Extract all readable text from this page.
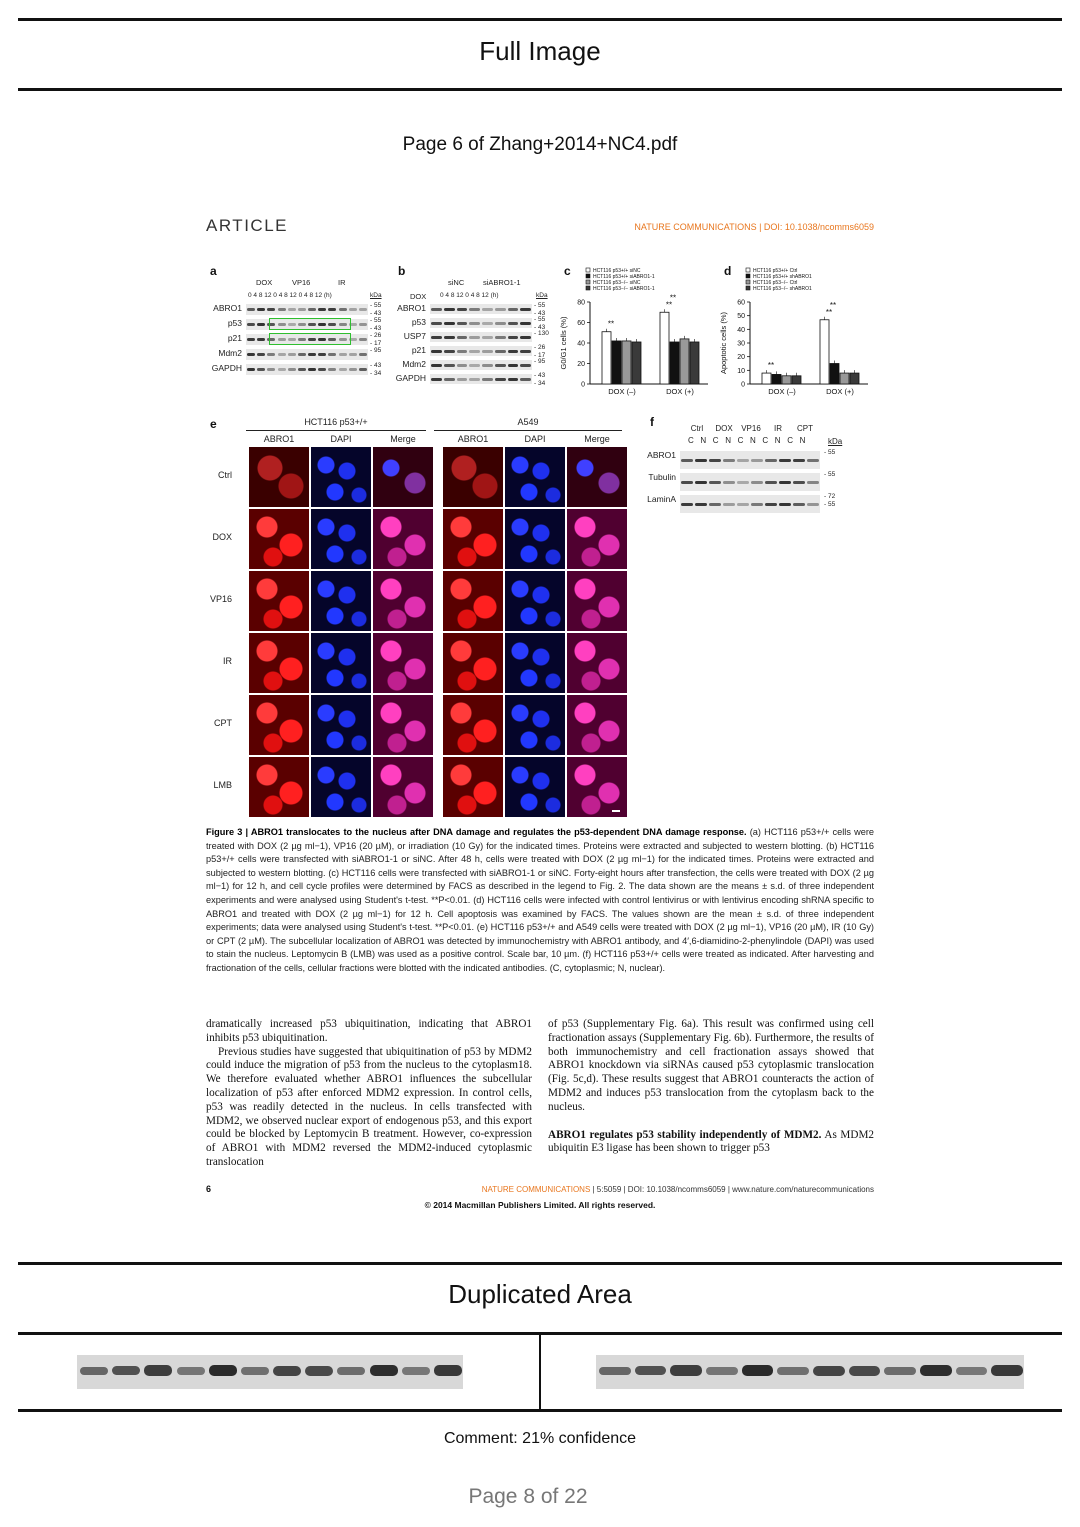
Full Image
Page 6 of Zhang+2014+NC4.pdf
ARTICLE	NATURE COMMUNICATIONS | DOI: 10.1038/ncomms6059
a
DOX	VP16	IR
0 4 8 12 0 4 8 12 0 4 8 12 (h)	kDa
ABRO1	- 55
- 43
p53	- 55
- 43
p21	- 26
- 17
Mdm2	- 95
GAPDH	- 43
- 34
b
siNC	siABRO1-1
DOX 0 4 8 12 0 4 8 12 (h)	kDa
ABRO1	- 55
- 43
p53	- 55
- 43
USP7	- 130
p21	- 26
- 17
Mdm2	- 95
GAPDH	- 43
- 34
c
0
20
40
60
80
G0/G1 cells (%)
DOX (–)	DOX (+)
**
**
**
HCT116 p53+/+ siNC
HCT116 p53+/+ siABRO1-1
HCT116 p53−/− siNC
HCT116 p53−/− siABRO1-1
d
0
10
20
30
40
50
60
Apoptotic cells (%)
DOX (–)	DOX (+)
**
**
**
HCT116 p53+/+ Ctrl
HCT116 p53+/+ shABRO1
HCT116 p53−/− Ctrl
HCT116 p53−/− shABRO1
e	HCT116 p53+/+	A549
ABRO1	DAPI	Merge	ABRO1	DAPI	Merge
Ctrl
DOX
VP16
IR
CPT
LMB
f
ABRO1	- 55
Tubulin	- 55
LaminA	- 72
- 55
Ctrl	DOX	VP16	IR	CPT
C N C N C N C N C N	kDa
Figure 3 | ABRO1 translocates to the nucleus after DNA damage and regulates the p53-dependent DNA damage response. (a) HCT116 p53+/+ cells were treated with DOX (2 µg ml−1), VP16 (20 µM), or irradiation (10 Gy) for the indicated times. Proteins were extracted and subjected to western blotting. (b) HCT116 p53+/+ cells were transfected with siABRO1-1 or siNC. After 48 h, cells were treated with DOX (2 µg ml−1) for the indicated times. Proteins were extracted and subjected to western blotting. (c) HCT116 cells were transfected with siABRO1-1 or siNC. Forty-eight hours after transfection, the cells were treated with DOX (2 µg ml−1) for 12 h, and cell cycle profiles were determined by FACS as described in the legend to Fig. 2. The data shown are the means ± s.d. of three independent experiments and were analysed using Student's t-test. **P<0.01. (d) HCT116 cells were infected with control lentivirus or with lentivirus encoding shRNA specific to ABRO1 and treated with DOX (2 µg ml−1) for 12 h. Cell apoptosis was examined by FACS. The values shown are the mean ± s.d. of three independent experiments; data were analysed using Student's t-test. **P<0.01. (e) HCT116 p53+/+ and A549 cells were treated with DOX (2 µg ml−1), VP16 (20 µM), IR (10 Gy) or CPT (2 µM). The subcellular localization of ABRO1 was detected by immunochemistry with ABRO1 antibody, and 4′,6-diamidino-2-phenylindole (DAPI) was used to stain the nucleus. Leptomycin B (LMB) was used as a positive control. Scale bar, 10 µm. (f) HCT116 p53+/+ cells were treated as indicated. After harvesting and fractionation of the cells, cellular fractions were blotted with the indicated antibodies. (C, cytoplasmic; N, nuclear).
dramatically increased p53 ubiquitination, indicating that ABRO1 inhibits p53 ubiquitination.
Previous studies have suggested that ubiquitination of p53 by MDM2 could induce the migration of p53 from the nucleus to the cytoplasm18. We therefore evaluated whether ABRO1 influences the subcellular localization of p53 after enforced MDM2 expression. In control cells, p53 was readily detected in the nucleus. In cells transfected with MDM2, we observed nuclear export of endogenous p53, and this export could be blocked by Leptomycin B treatment. However, co-expression of ABRO1 with MDM2 reversed the MDM2-induced cytoplasmic translocation
of p53 (Supplementary Fig. 6a). This result was confirmed using cell fractionation assays (Supplementary Fig. 6b). Furthermore, the results of both immunochemistry and cell fractionation assays showed that ABRO1 knockdown via siRNAs caused p53 cytoplasmic translocation (Fig. 5c,d). These results suggest that ABRO1 counteracts the action of MDM2 and induces p53 translocation from the cytoplasm back to the nucleus.
ABRO1 regulates p53 stability independently of MDM2. As MDM2 ubiquitin E3 ligase has been shown to trigger p53
6	NATURE COMMUNICATIONS | 5:5059 | DOI: 10.1038/ncomms6059 | www.nature.com/naturecommunications
© 2014 Macmillan Publishers Limited. All rights reserved.
Duplicated Area
Comment: 21% confidence
Page 8 of 22
